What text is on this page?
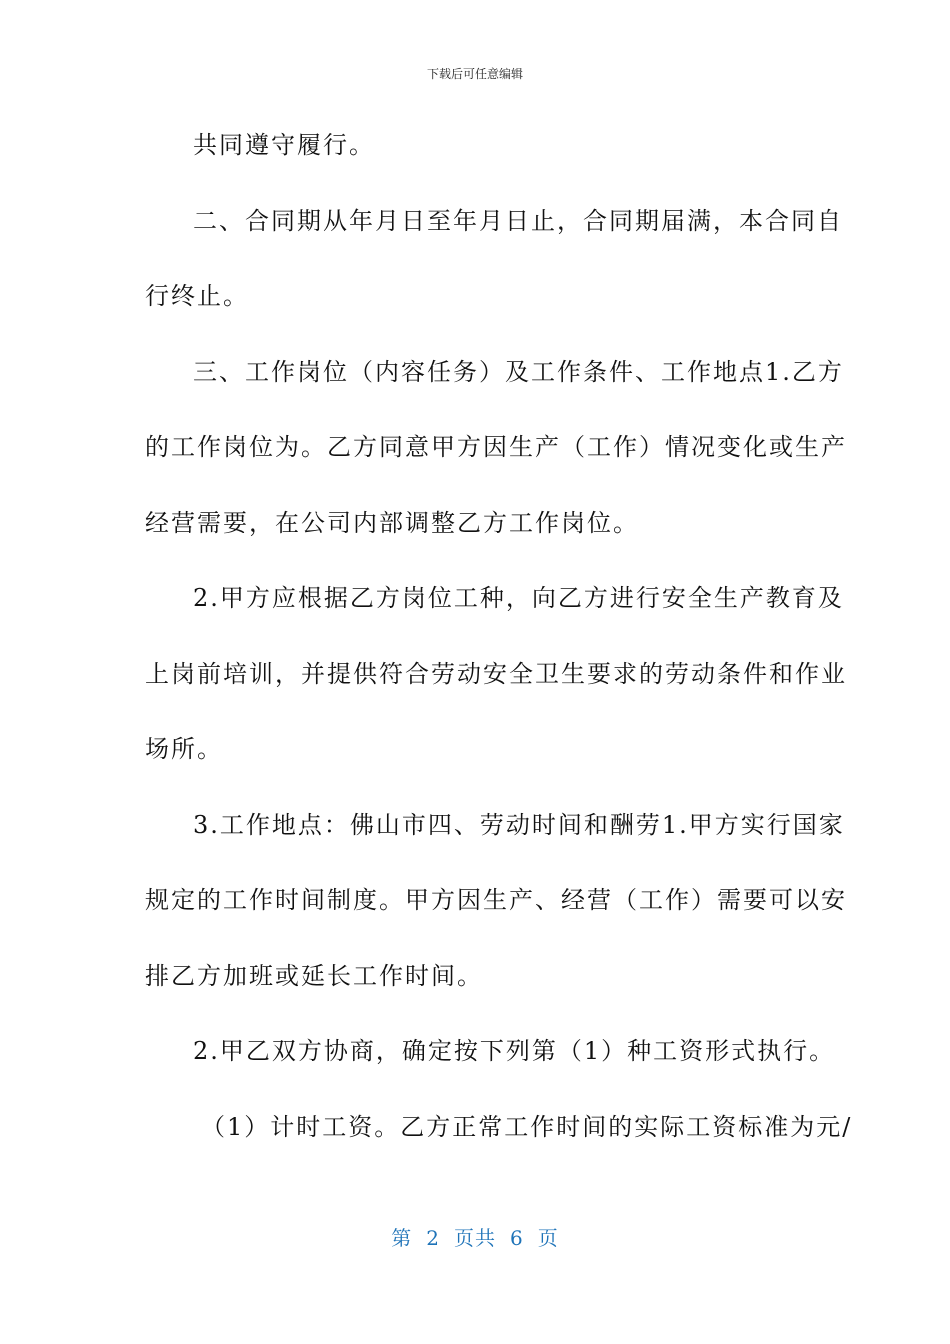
下载后可任意编辑
共同遵守履行。
二、合同期从年月日至年月日止，合同期届满，本合同自
行终止。
三、工作岗位（内容任务）及工作条件、工作地点1.乙方
的工作岗位为。乙方同意甲方因生产（工作）情况变化或生产
经营需要，在公司内部调整乙方工作岗位。
2.甲方应根据乙方岗位工种，向乙方进行安全生产教育及
上岗前培训，并提供符合劳动安全卫生要求的劳动条件和作业
场所。
3.工作地点：佛山市四、劳动时间和酬劳1.甲方实行国家
规定的工作时间制度。甲方因生产、经营（工作）需要可以安
排乙方加班或延长工作时间。
2.甲乙双方协商，确定按下列第（1）种工资形式执行。
（1）计时工资。乙方正常工作时间的实际工资标准为元/
第 2 页共 6 页
